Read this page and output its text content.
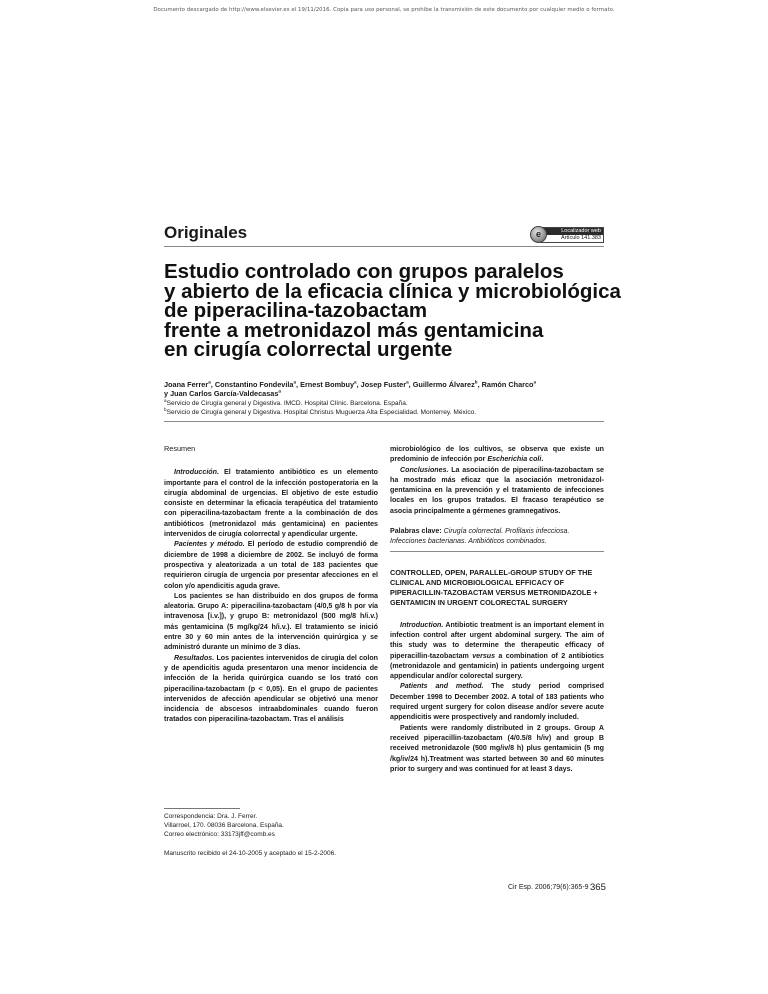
Documento descargado de http://www.elsevier.es el 19/11/2016. Copia para uso personal, se prohíbe la transmisión de este documento por cualquier medio o formato.
Originales	Localizador web
Artículo 141.383
e
Estudio controlado con grupos paralelos
y abierto de la eficacia clínica y microbiológica
de piperacilina-tazobactam
frente a metronidazol más gentamicina
en cirugía colorrectal urgente
Joana Ferrer$^a$, Constantino Fondevila$^a$, Ernest Bombuy$^a$, Josep Fuster$^a$, Guillermo Álvarez$^b$, Ramón Charco$^a$
y Juan Carlos García-Valdecasas$^a$
$^a$Servicio de Cirugía general y Digestiva. IMCD. Hospital Clínic. Barcelona. España.
$^b$Servicio de Cirugía general y Digestiva. Hospital Christus Muguerza Alta Especialidad. Monterrey. México.

Resumen

Introducción. El tratamiento antibiótico es un elemento importante para el control de la infección postoperatoria en la cirugía abdominal de urgencias. El objetivo de este estudio consiste en determinar la eficacia terapéutica del tratamiento con piperacilina-tazobactam frente a la combinación de dos antibióticos (metronidazol más gentamicina) en pacientes intervenidos de cirugía colorrectal y apendicular urgente.

Pacientes y método. El período de estudio comprendió de diciembre de 1998 a diciembre de 2002. Se incluyó de forma prospectiva y aleatorizada a un total de 183 pacientes que requirieron cirugía de urgencia por presentar afecciones en el colon y/o apendicitis aguda grave.

Los pacientes se han distribuido en dos grupos de forma aleatoria. Grupo A: piperacilina-tazobactam (4/0,5 g/8 h por vía intravenosa [i.v.]), y grupo B: metronidazol (500 mg/8 h/i.v.) más gentamicina (5 mg/kg/24 h/i.v.). El tratamiento se inició entre 30 y 60 min antes de la intervención quirúrgica y se administró durante un mínimo de 3 días.

Resultados. Los pacientes intervenidos de cirugía del colon y de apendicitis aguda presentaron una menor incidencia de infección de la herida quirúrgica cuando se los trató con piperacilina-tazobactam (p < 0,05). En el grupo de pacientes intervenidos de afección apendicular se objetivó una menor incidencia de abscesos intraabdominales cuando fueron tratados con piperacilina-tazobactam. Tras el análisis

Correspondencia: Dra. J. Ferrer.
Villarroel, 170. 08036 Barcelona. España.
Correo electrónico: 33173jff@comb.es
Manuscrito recibido el 24-10-2005 y aceptado el 15-2-2006.

microbiológico de los cultivos, se observa que existe un predominio de infección por Escherichia coli.

Conclusiones. La asociación de piperacilina-tazobactam se ha mostrado más eficaz que la asociación metronidazol-gentamicina en la prevención y el tratamiento de infecciones locales en los grupos tratados. El fracaso terapéutico se asocia principalmente a gérmenes gramnegativos.

Palabras clave: Cirugía colorrectal. Profilaxis infecciosa. Infecciones bacterianas. Antibióticos combinados.

CONTROLLED, OPEN, PARALLEL-GROUP STUDY OF THE CLINICAL AND MICROBIOLOGICAL EFFICACY OF PIPERACILLIN-TAZOBACTAM VERSUS METRONIDAZOLE + GENTAMICIN IN URGENT COLORECTAL SURGERY

Introduction. Antibiotic treatment is an important element in infection control after urgent abdominal surgery. The aim of this study was to determine the therapeutic efficacy of piperacillin-tazobactam versus a combination of 2 antibiotics (metronidazole and gentamicin) in patients undergoing urgent appendicular and/or colorectal surgery.

Patients and method. The study period comprised December 1998 to December 2002. A total of 183 patients who required urgent surgery for colon disease and/or severe acute appendicitis were prospectively and randomly included.

Patients were randomly distributed in 2 groups. Group A received piperacillin-tazobactam (4/0.5/8 h/iv) and group B received metronidazole (500 mg/iv/8 h) plus gentamicin (5 mg /kg/iv/24 h).Treatment was started between 30 and 60 minutes prior to surgery and was continued for at least 3 days.

Cir Esp. 2006;79(6):365-9 365
